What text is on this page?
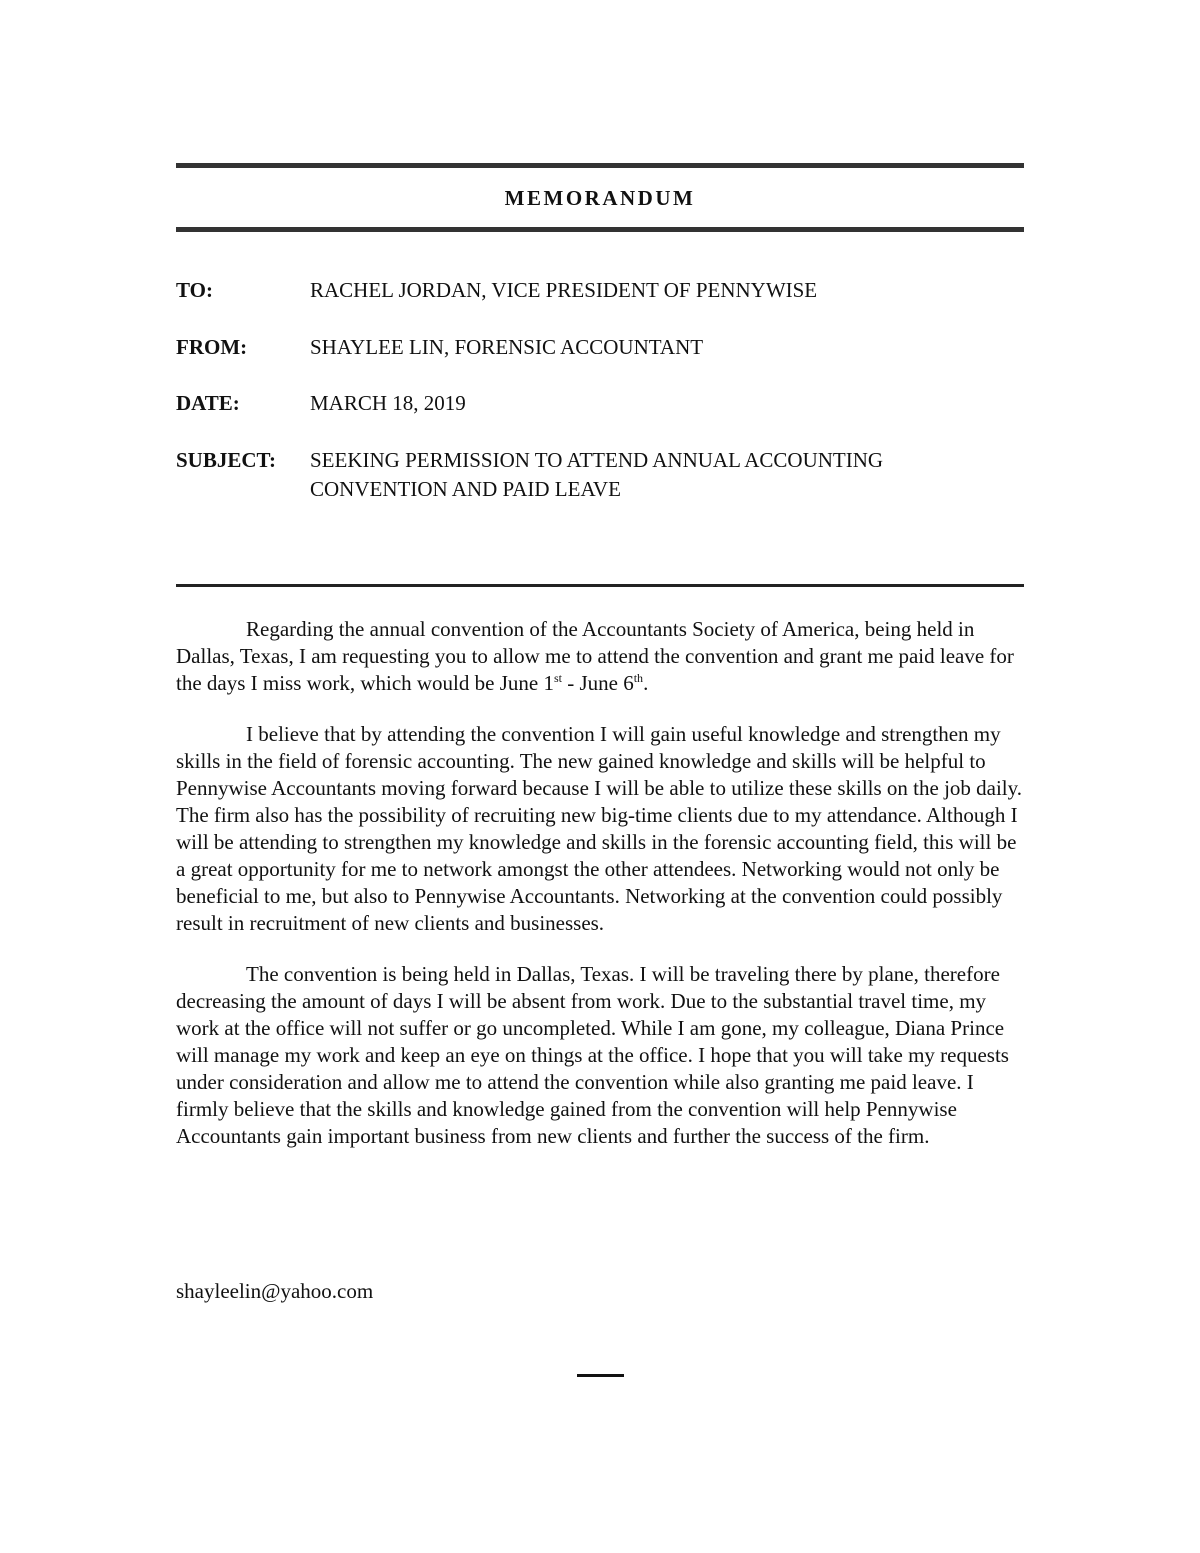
MEMORANDUM
TO:	RACHEL JORDAN, VICE PRESIDENT OF PENNYWISE
FROM:	SHAYLEE LIN, FORENSIC ACCOUNTANT
DATE:	MARCH 18, 2019
SUBJECT: SEEKING PERMISSION TO ATTEND ANNUAL ACCOUNTING
CONVENTION AND PAID LEAVE

Regarding the annual convention of the Accountants Society of America, being held in Dallas, Texas, I am requesting you to allow me to attend the convention and grant me paid leave for the days I miss work, which would be June 1st - June 6th.

I believe that by attending the convention I will gain useful knowledge and strengthen my skills in the field of forensic accounting. The new gained knowledge and skills will be helpful to Pennywise Accountants moving forward because I will be able to utilize these skills on the job daily. The firm also has the possibility of recruiting new big-time clients due to my attendance. Although I will be attending to strengthen my knowledge and skills in the forensic accounting field, this will be a great opportunity for me to network amongst the other attendees. Networking would not only be beneficial to me, but also to Pennywise Accountants. Networking at the convention could possibly result in recruitment of new clients and businesses.

The convention is being held in Dallas, Texas. I will be traveling there by plane, therefore decreasing the amount of days I will be absent from work. Due to the substantial travel time, my work at the office will not suffer or go uncompleted. While I am gone, my colleague, Diana Prince will manage my work and keep an eye on things at the office. I hope that you will take my requests under consideration and allow me to attend the convention while also granting me paid leave. I firmly believe that the skills and knowledge gained from the convention will help Pennywise Accountants gain important business from new clients and further the success of the firm.

shayleelin@yahoo.com
